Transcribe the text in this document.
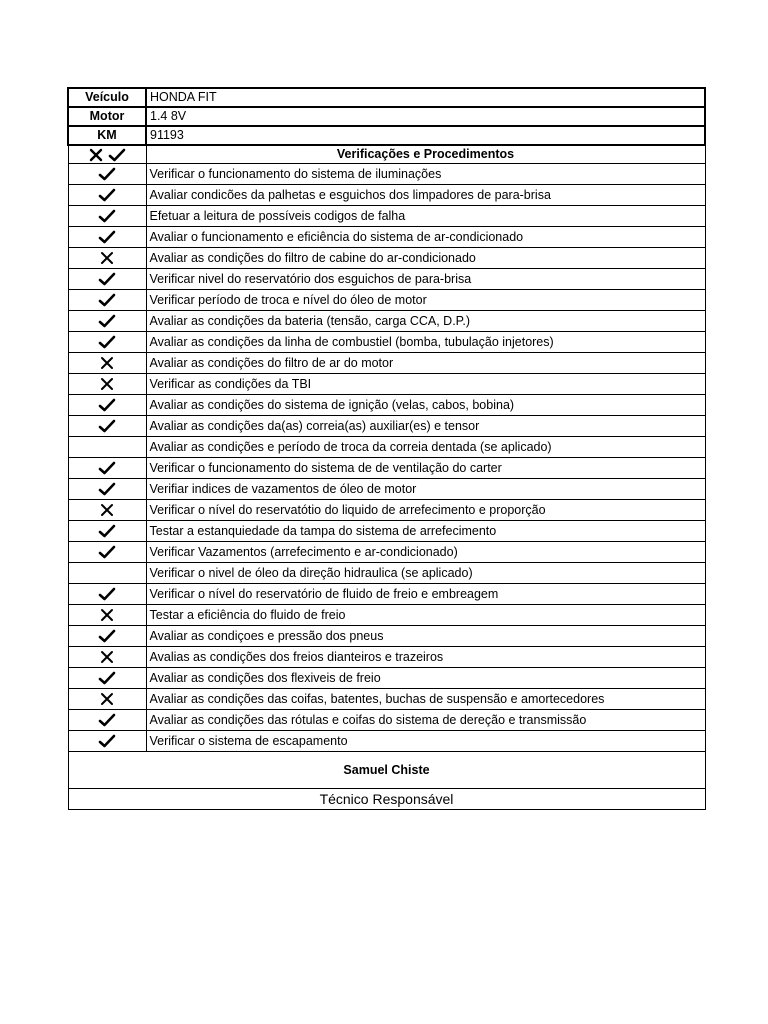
Veículo	HONDA FIT
Motor	1.4 8V
KM	91193
	Verificações e Procedimentos
	Verificar o funcionamento do sistema de iluminações
	Avaliar condicões da palhetas e esguichos dos limpadores de para-brisa
	Efetuar a leitura de possíveis codigos de falha
	Avaliar o funcionamento e eficiência do sistema de ar-condicionado
	Avaliar as condições do filtro de cabine do ar-condicionado
	Verificar nivel do reservatório dos esguichos de para-brisa
	Verificar período de troca e nível do óleo de motor
	Avaliar as condições da bateria (tensão, carga CCA, D.P.)
	Avaliar as condições da linha de combustiel (bomba, tubulação injetores)
	Avaliar as condições do filtro de ar do motor
	Verificar as condições da TBI
	Avaliar as condições do sistema de ignição (velas, cabos, bobina)
	Avaliar as condições da(as) correia(as) auxiliar(es) e tensor
	Avaliar as condições e período de troca da correia dentada (se aplicado)
	Verificar o funcionamento do sistema de de ventilação do carter
	Verifiar indices de vazamentos de óleo de motor
	Verificar o nível do reservatótio do liquido de arrefecimento e proporção
	Testar a estanquiedade da tampa do sistema de arrefecimento
	Verificar Vazamentos (arrefecimento e ar-condicionado)
	Verificar o nivel de óleo da direção hidraulica (se aplicado)
	Verificar o nível do reservatório de fluido de freio e embreagem
	Testar a eficiência do fluido de freio
	Avaliar as condiçoes e pressão dos pneus
	Avalias as condições dos freios dianteiros e trazeiros
	Avaliar as condições dos flexiveis de freio
	Avaliar as condições das coifas, batentes, buchas de suspensão e amortecedores
	Avaliar as condições das rótulas e coifas do sistema de dereção e transmissão
	Verificar o sistema de escapamento
Samuel Chiste	
Técnico Responsável	
